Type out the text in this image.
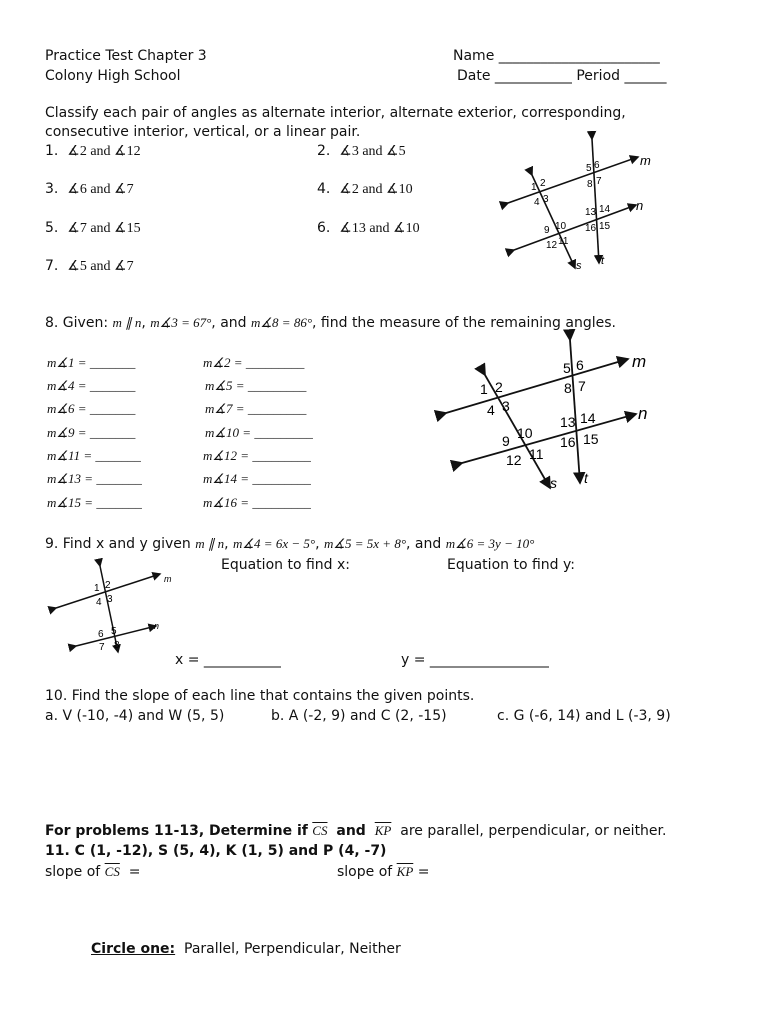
Practice Test Chapter 3
Colony High School
Name _______________________
Date ___________ Period ______
Classify each pair of angles as alternate interior, alternate exterior, corresponding,
consecutive interior, vertical, or a linear pair.
1. ∡2 and ∡12	2. ∡3 and ∡5
3. ∡6 and ∡7	4. ∡2 and ∡10
5. ∡7 and ∡15	6. ∡13 and ∡10
7. ∡5 and ∡7
m
n
s t
1 2
4 3
5 6
8 7
9 10
12 11
13 14
16 15
8. Given: m ∥ n, m∡3 = 67°, and m∡8 = 86°, find the measure of the remaining angles.
m∡1 = _______
m∡4 = _______
m∡6 = _______
m∡9 = _______
m∡11 = _______
m∡13 = _______
m∡15 = _______
m∡2 = _________
m∡5 = _________
m∡7 = _________
m∡10 = _________
m∡12 = _________
m∡14 = _________
m∡16 = _________
m
n
s t
1 2
4 3
5 6
8 7
9 10
12 11
13 14
16 15
9. Find x and y given m ∥ n, m∡4 = 6x − 5°, m∡5 = 5x + 8°, and m∡6 = 3y − 10°
Equation to find x:	Equation to find y:
m
n
1 2
4 3
6 5
7 8
x = ___________	y = _________________
10. Find the slope of each line that contains the given points.
a. V (-10, -4) and W (5, 5)	b. A (-2, 9) and C (2, -15)	c. G (-6, 14) and L (-3, 9)
For problems 11-13, Determine if $\overline{CS}$ and $\overline{KP}$ are parallel, perpendicular, or neither.
11. C (1, -12), S (5, 4), K (1, 5) and P (4, -7)
slope of $\overline{CS}$ =	slope of $\overline{KP}$ =
Circle one: Parallel, Perpendicular, Neither
